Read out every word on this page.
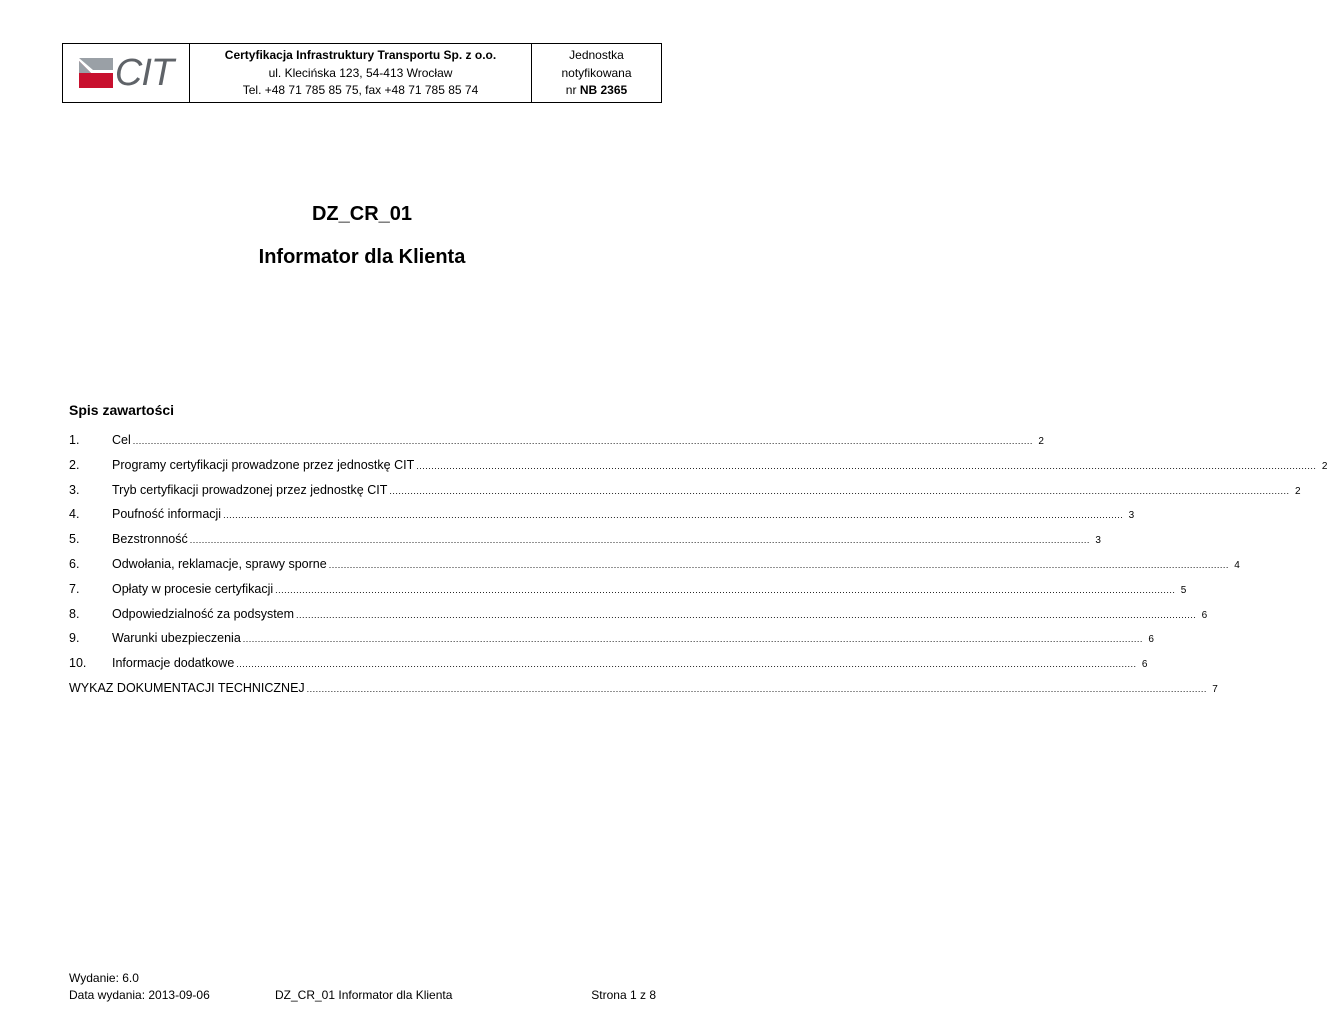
CIT	Certyfikacja Infrastruktury Transportu Sp. z o.o.
ul. Klecińska 123, 54-413 Wrocław
Tel. +48 71 785 85 75, fax +48 71 785 85 74
Jednostka
notyfikowana
nr NB 2365
DZ_CR_01
Informator dla Klienta
Spis zawartości
1.	Cel ............................................................................................................................................................................................................................................................................................................ 2
2.	Programy certyfikacji prowadzone przez jednostkę CIT ............................................................................................................................................................................................................................................................................................................ 2
3.	Tryb certyfikacji prowadzonej przez jednostkę CIT ............................................................................................................................................................................................................................................................................................................ 2
4.	Poufność informacji ............................................................................................................................................................................................................................................................................................................ 3
5.	Bezstronność ............................................................................................................................................................................................................................................................................................................ 3
6.	Odwołania, reklamacje, sprawy sporne ............................................................................................................................................................................................................................................................................................................ 4
7.	Opłaty w procesie certyfikacji ............................................................................................................................................................................................................................................................................................................ 5
8.	Odpowiedzialność za podsystem ............................................................................................................................................................................................................................................................................................................ 6
9.	Warunki ubezpieczenia ............................................................................................................................................................................................................................................................................................................ 6
10.	Informacje dodatkowe ............................................................................................................................................................................................................................................................................................................ 6
WYKAZ DOKUMENTACJI TECHNICZNEJ ............................................................................................................................................................................................................................................................................................................ 7
Wydanie: 6.0
Data wydania: 2013-09-06	DZ_CR_01 Informator dla Klienta	Strona 1 z 8
